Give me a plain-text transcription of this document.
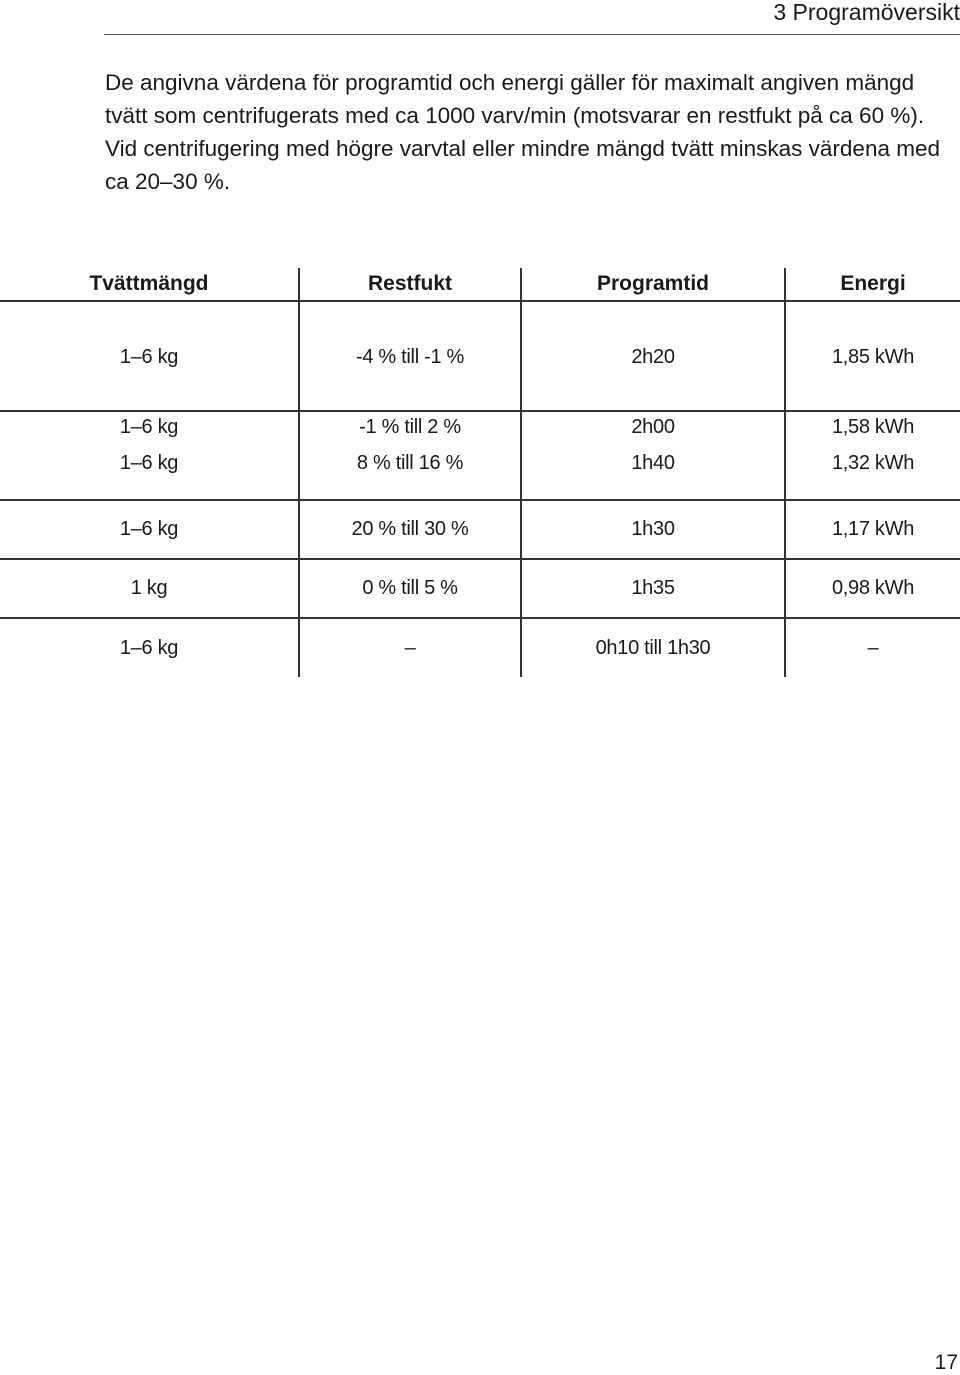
3 Programöversikt

De angivna värdena för programtid och energi gäller för maximalt angiven mängd tvätt som centrifugerats med ca 1000 varv/min (motsvarar en restfukt på ca 60 %). Vid centrifugering med högre varvtal eller mindre mängd tvätt minskas värdena med ca 20–30 %.

Tvättmängd	Restfukt	Programtid	Energi
1–6 kg	-4 % till -1 %	2h20	1,85 kWh
1–6 kg	-1 % till 2 %	2h00	1,58 kWh
1–6 kg	8 % till 16 %	1h40	1,32 kWh
1–6 kg	20 % till 30 %	1h30	1,17 kWh
1 kg	0 % till 5 %	1h35	0,98 kWh
1–6 kg	–	0h10 till 1h30	–
17
